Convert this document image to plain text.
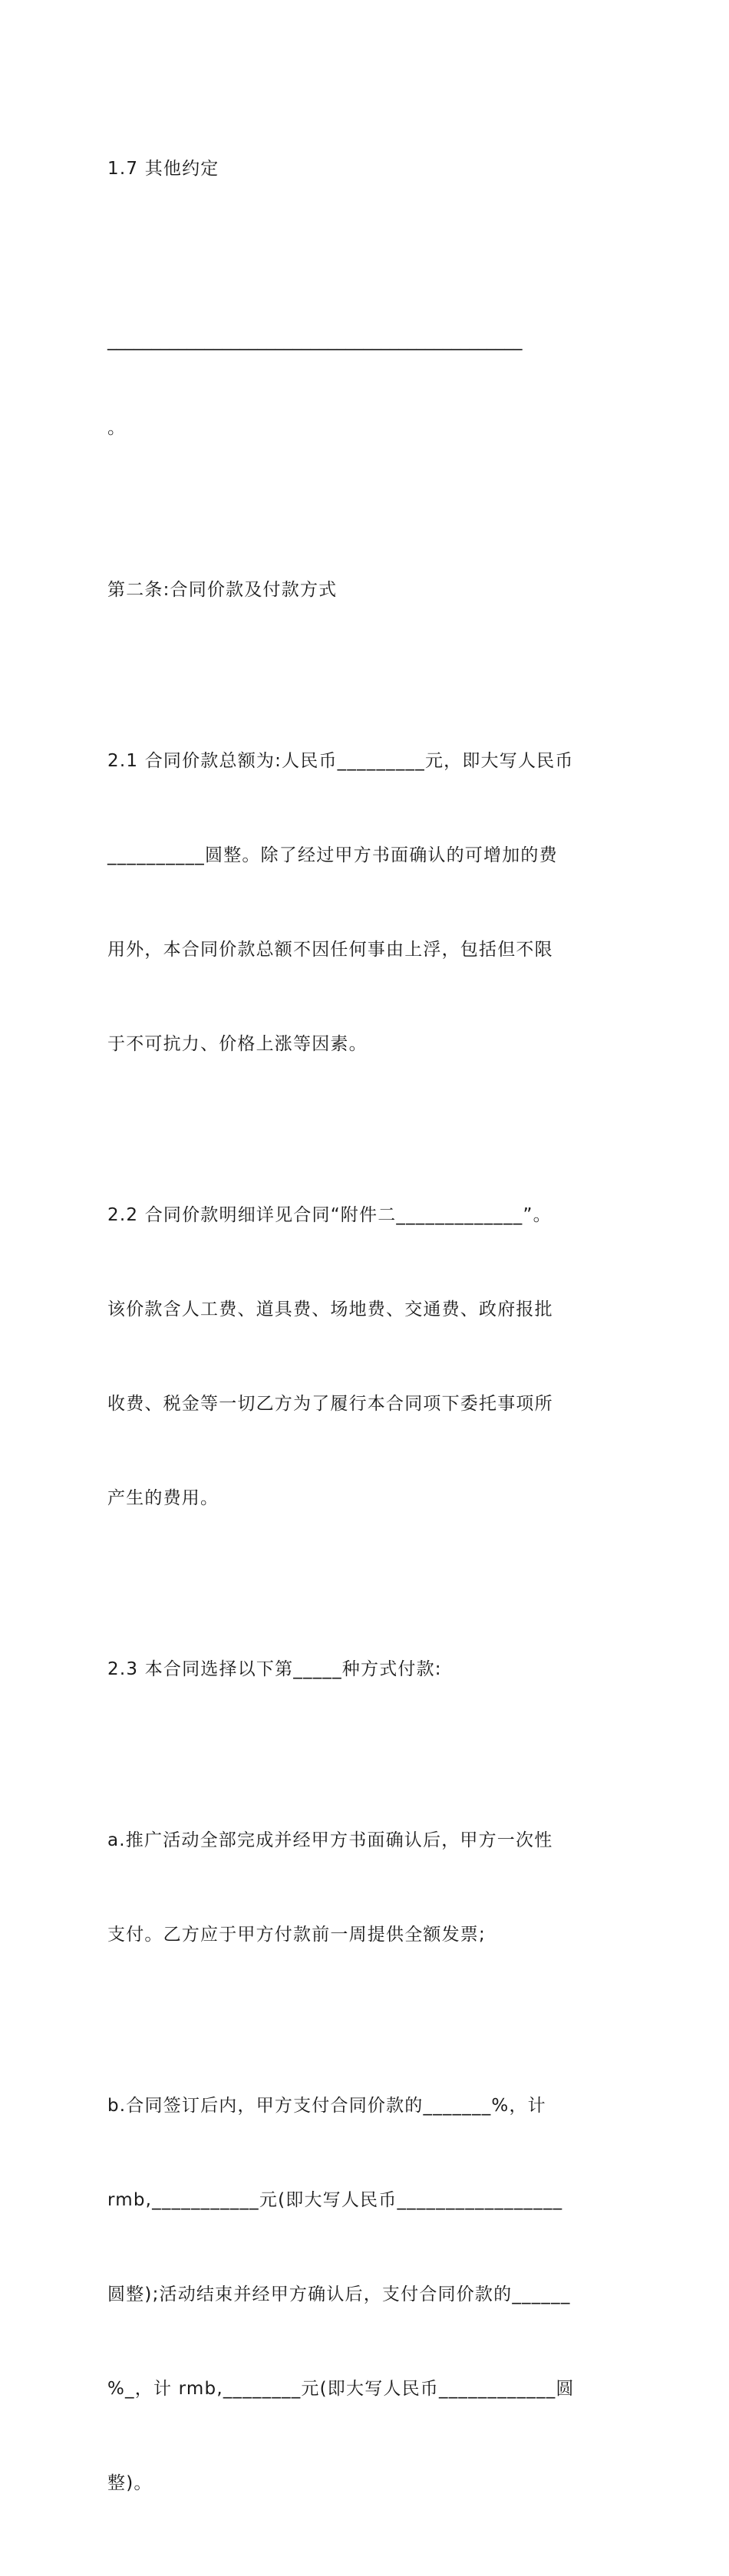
1.7 其他约定

_______________________________________________

。

第二条:合同价款及付款方式

2.1 合同价款总额为:人民币_________元，即大写人民币

__________圆整。除了经过甲方书面确认的可增加的费

用外，本合同价款总额不因任何事由上浮，包括但不限

于不可抗力、价格上涨等因素。

2.2 合同价款明细详见合同“附件二_____________”。

该价款含人工费、道具费、场地费、交通费、政府报批

收费、税金等一切乙方为了履行本合同项下委托事项所

产生的费用。

2.3 本合同选择以下第_____种方式付款:

a.推广活动全部完成并经甲方书面确认后，甲方一次性

支付。乙方应于甲方付款前一周提供全额发票;

b.合同签订后内，甲方支付合同价款的_______%，计

rmb,___________元(即大写人民币_________________

圆整);活动结束并经甲方确认后，支付合同价款的______

%_，计 rmb,________元(即大写人民币____________圆

整)。
